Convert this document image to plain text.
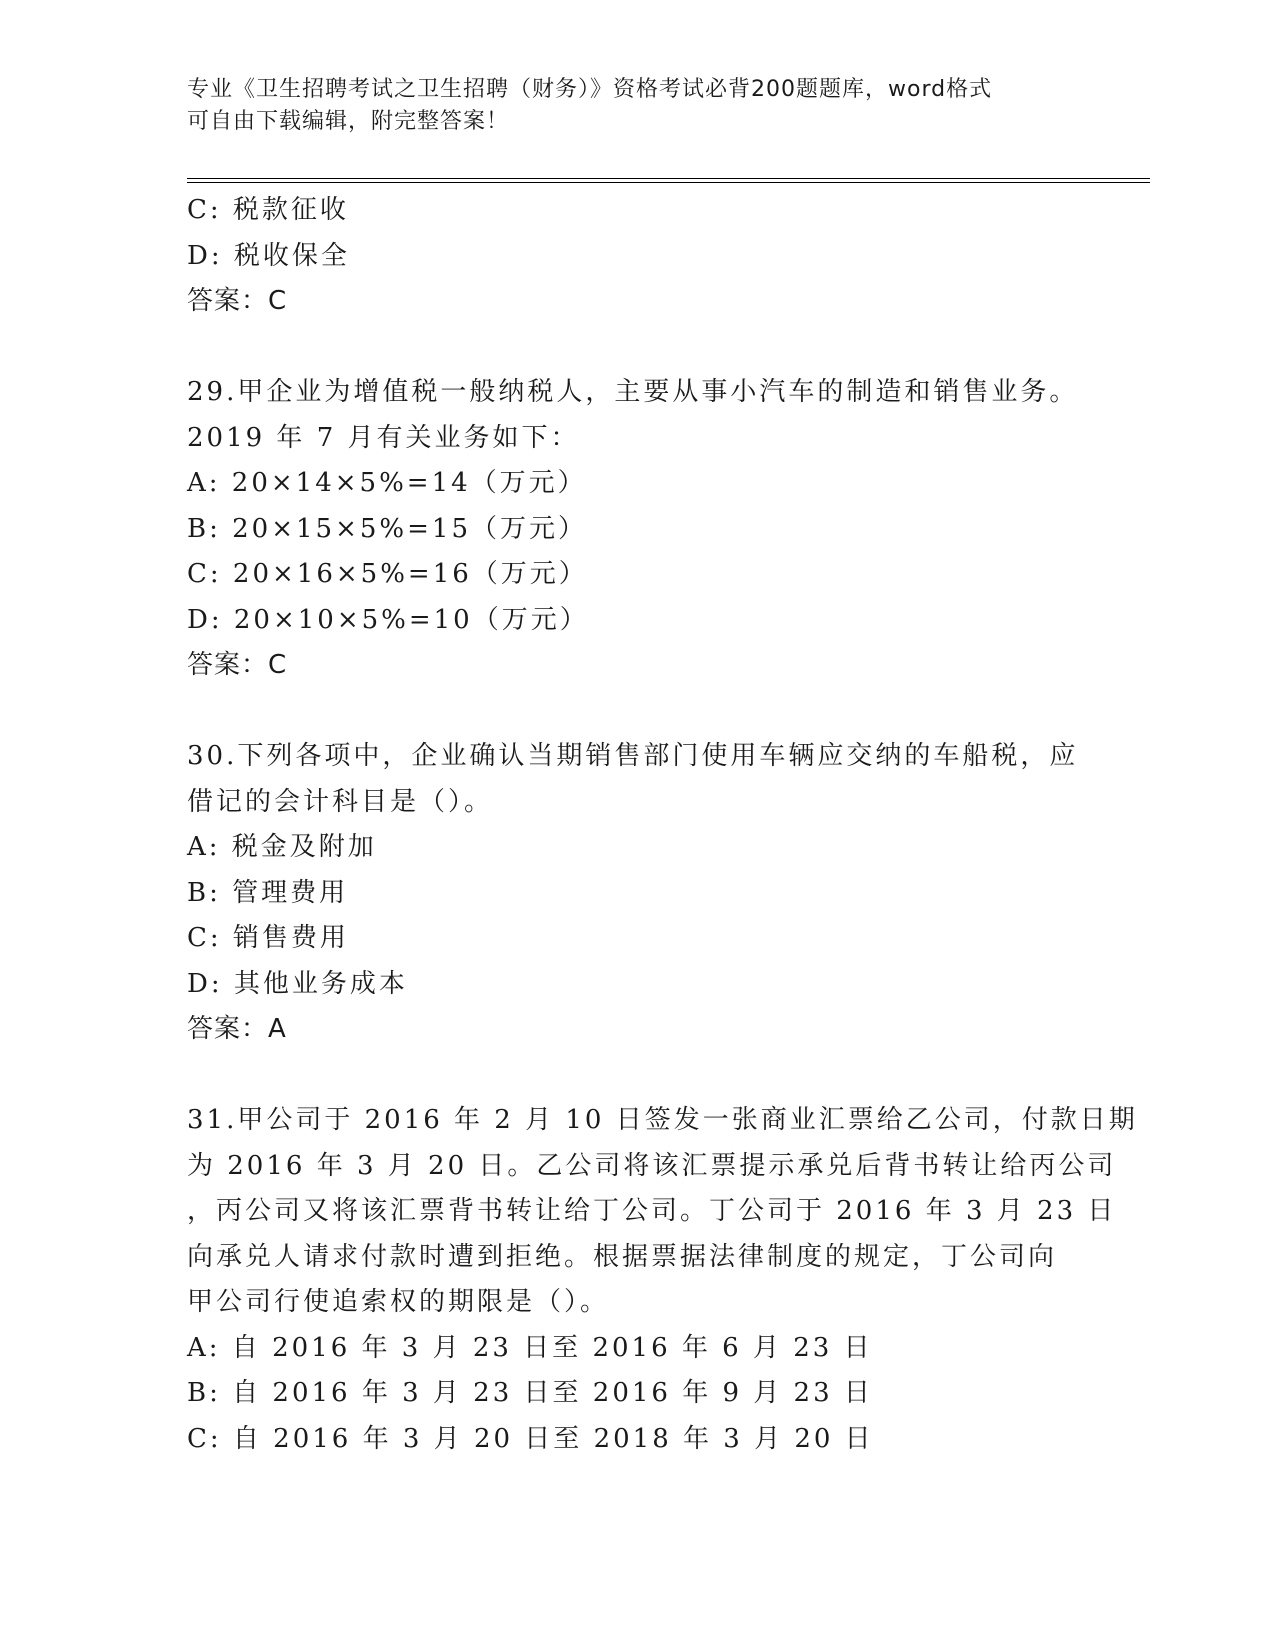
专业《卫生招聘考试之卫生招聘（财务）》资格考试必背200题题库，word格式
可自由下载编辑，附完整答案！
C: 税款征收
D: 税收保全
答案：C
29.甲企业为增值税一般纳税人，主要从事小汽车的制造和销售业务。
2019 年 7 月有关业务如下：
A: 20×14×5%=14（万元）
B: 20×15×5%=15（万元）
C: 20×16×5%=16（万元）
D: 20×10×5%=10（万元）
答案：C
30.下列各项中，企业确认当期销售部门使用车辆应交纳的车船税，应
借记的会计科目是（）。
A: 税金及附加
B: 管理费用
C: 销售费用
D: 其他业务成本
答案：A
31.甲公司于 2016 年 2 月 10 日签发一张商业汇票给乙公司，付款日期
为 2016 年 3 月 20 日。乙公司将该汇票提示承兑后背书转让给丙公司
，丙公司又将该汇票背书转让给丁公司。丁公司于 2016 年 3 月 23 日
向承兑人请求付款时遭到拒绝。根据票据法律制度的规定，丁公司向
甲公司行使追索权的期限是（）。
A: 自 2016 年 3 月 23 日至 2016 年 6 月 23 日
B: 自 2016 年 3 月 23 日至 2016 年 9 月 23 日
C: 自 2016 年 3 月 20 日至 2018 年 3 月 20 日
